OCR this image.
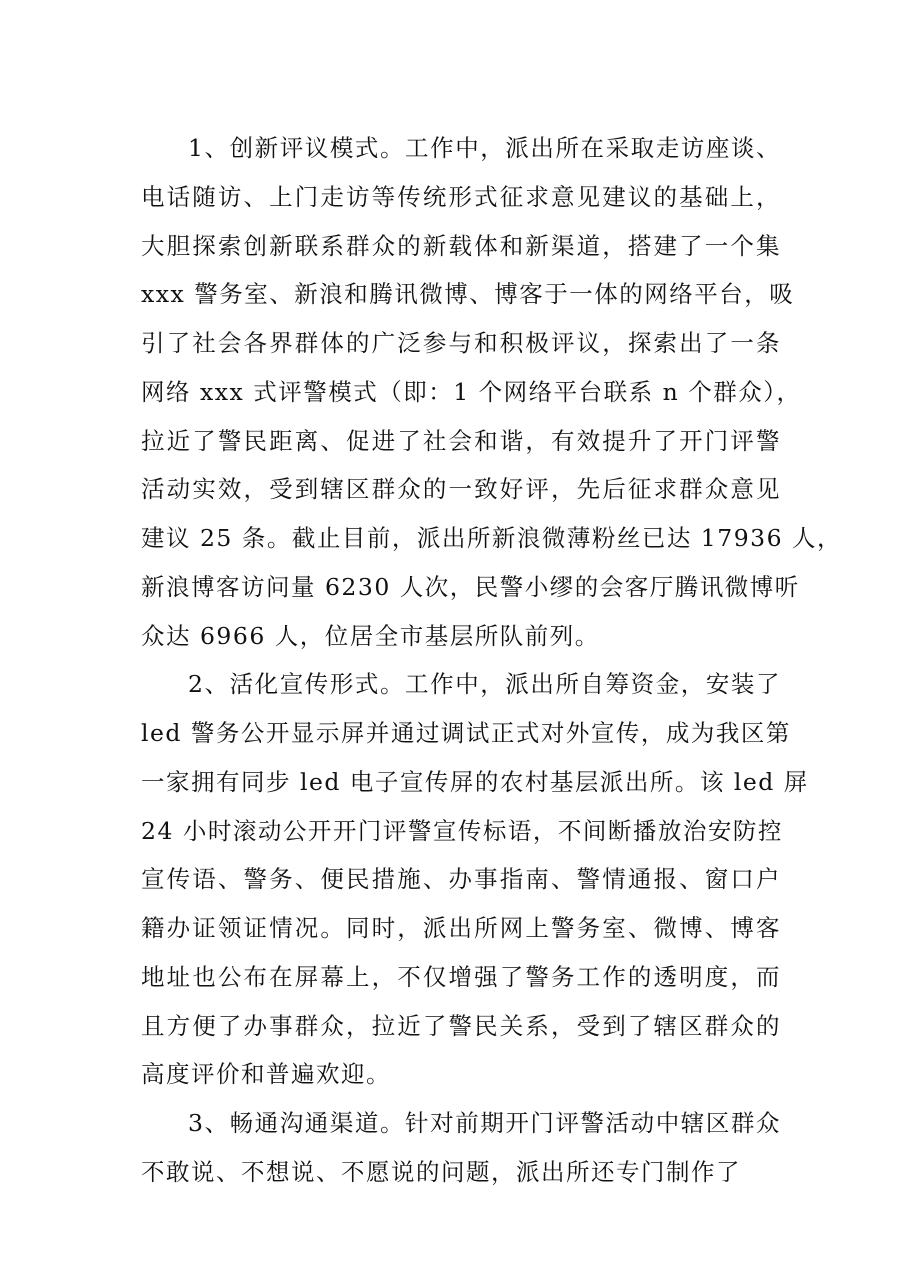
1、创新评议模式。工作中，派出所在采取走访座谈、
电话随访、上门走访等传统形式征求意见建议的基础上，
大胆探索创新联系群众的新载体和新渠道，搭建了一个集
xxx 警务室、新浪和腾讯微博、博客于一体的网络平台，吸
引了社会各界群体的广泛参与和积极评议，探索出了一条
网络 xxx 式评警模式（即：1 个网络平台联系 n 个群众），
拉近了警民距离、促进了社会和谐，有效提升了开门评警
活动实效，受到辖区群众的一致好评，先后征求群众意见
建议 25 条。截止目前，派出所新浪微薄粉丝已达 17936 人，
新浪博客访问量 6230 人次，民警小缪的会客厅腾讯微博听
众达 6966 人，位居全市基层所队前列。
2、活化宣传形式。工作中，派出所自筹资金，安装了
led 警务公开显示屏并通过调试正式对外宣传，成为我区第
一家拥有同步 led 电子宣传屏的农村基层派出所。该 led 屏
24 小时滚动公开开门评警宣传标语，不间断播放治安防控
宣传语、警务、便民措施、办事指南、警情通报、窗口户
籍办证领证情况。同时，派出所网上警务室、微博、博客
地址也公布在屏幕上，不仅增强了警务工作的透明度，而
且方便了办事群众，拉近了警民关系，受到了辖区群众的
高度评价和普遍欢迎。
3、畅通沟通渠道。针对前期开门评警活动中辖区群众
不敢说、不想说、不愿说的问题，派出所还专门制作了
